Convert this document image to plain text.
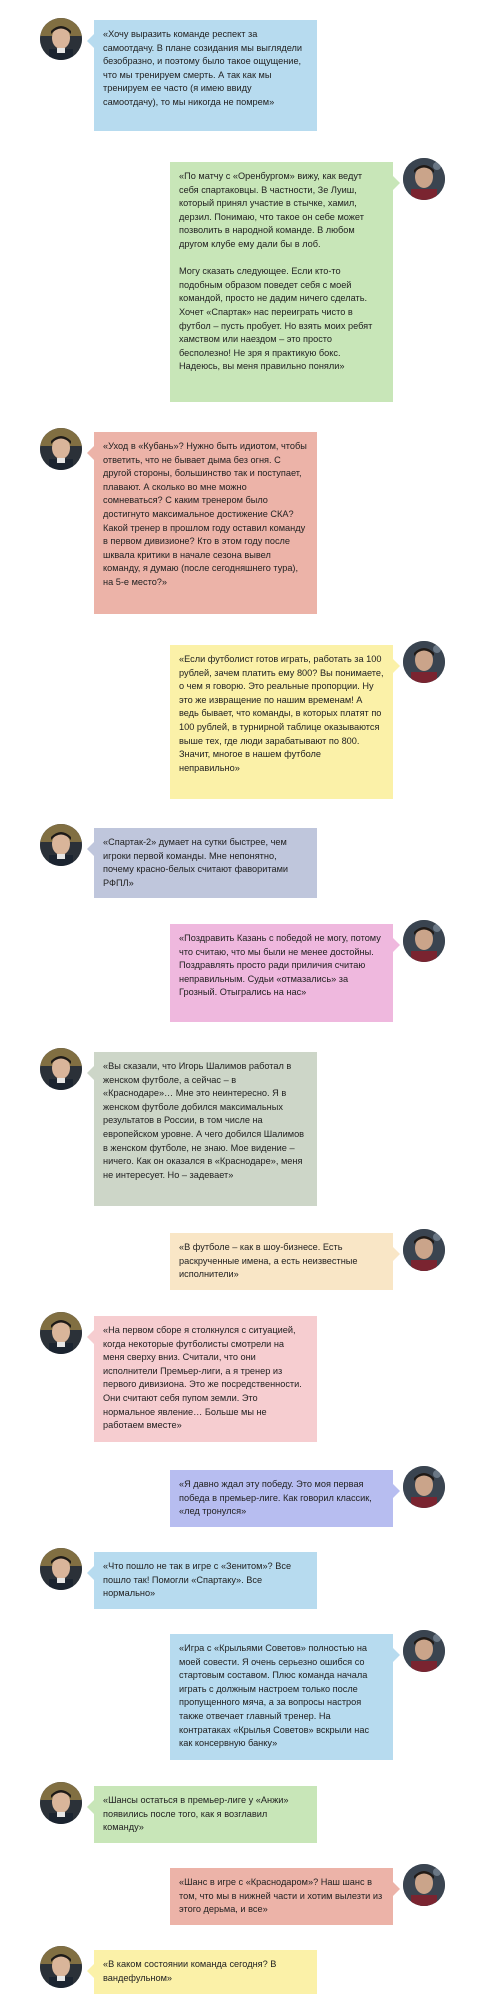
«Хочу выразить команде респект за самоотдачу. В плане созидания мы выглядели безобразно, и поэтому было такое ощущение, что мы тренируем смерть. А так как мы тренируем ее часто (я имею ввиду самоотдачу), то мы никогда не помрем»
«По матчу с «Оренбургом» вижу, как ведут себя спартаковцы. В частности, Зе Луиш, который принял участие в стычке, хамил, дерзил. Понимаю, что такое он себе может позволить в народной команде. В любом другом клубе ему дали бы в лоб.

Могу сказать следующее. Если кто-то подобным образом поведет себя с моей командой, просто не дадим ничего сделать. Хочет «Спартак» нас переиграть чисто в футбол – пусть пробует. Но взять моих ребят хамством или наездом – это просто бесполезно! Не зря я практикую бокс. Надеюсь, вы меня правильно поняли»
«Уход в «Кубань»? Нужно быть идиотом, чтобы ответить, что не бывает дыма без огня. С другой стороны, большинство так и поступает, плавают. А сколько во мне можно сомневаться? С каким тренером было достигнуто максимальное достижение СКА? Какой тренер в прошлом году оставил команду в первом дивизионе? Кто в этом году после шквала критики в начале сезона вывел команду, я думаю (после сегодняшнего тура), на 5-е место?»
«Если футболист готов играть, работать за 100 рублей, зачем платить ему 800? Вы понимаете, о чем я говорю. Это реальные пропорции. Ну это же извращение по нашим временам! А ведь бывает, что команды, в которых платят по 100 рублей, в турнирной таблице оказываются выше тех, где люди зарабатывают по 800. Значит, многое в нашем футболе неправильно»
«Спартак-2» думает на сутки быстрее, чем игроки первой команды. Мне непонятно, почему красно-белых считают фаворитами РФПЛ»
«Поздравить Казань с победой не могу, потому что считаю, что мы были не менее достойны. Поздравлять просто ради приличия считаю неправильным. Судьи «отмазались» за Грозный. Отыгрались на нас»
«Вы сказали, что Игорь Шалимов работал в женском футболе, а сейчас – в «Краснодаре»… Мне это неинтересно. Я в женском футболе добился максимальных результатов в России, в том числе на европейском уровне. А чего добился Шалимов в женском футболе, не знаю. Мое видение – ничего. Как он оказался в «Краснодаре», меня не интересует. Но – задевает»
«В футболе – как в шоу-бизнесе. Есть раскрученные имена, а есть неизвестные исполнители»
«На первом сборе я столкнулся с ситуацией, когда некоторые футболисты смотрели на меня сверху вниз. Считали, что они исполнители Премьер-лиги, а я тренер из первого дивизиона. Это же посредственности. Они считают себя пупом земли. Это нормальное явление… Больше мы не работаем вместе»
«Я давно ждал эту победу. Это моя первая победа в премьер-лиге. Как говорил классик, «лед тронулся»
«Что пошло не так в игре с «Зенитом»? Все пошло так! Помогли «Спартаку». Все нормально»
«Игра с «Крыльями Советов» полностью на моей совести. Я очень серьезно ошибся со стартовым составом. Плюс команда начала играть с должным настроем только после пропущенного мяча, а за вопросы настроя также отвечает главный тренер. На контратаках «Крылья Советов» вскрыли нас как консервную банку»
«Шансы остаться в премьер-лиге у «Анжи» появились после того, как я возглавил команду»
«Шанс в игре с «Краснодаром»? Наш шанс в том, что мы в нижней части и хотим вылезти из этого дерьма, и все»
«В каком состоянии команда сегодня? В вандефульном»
